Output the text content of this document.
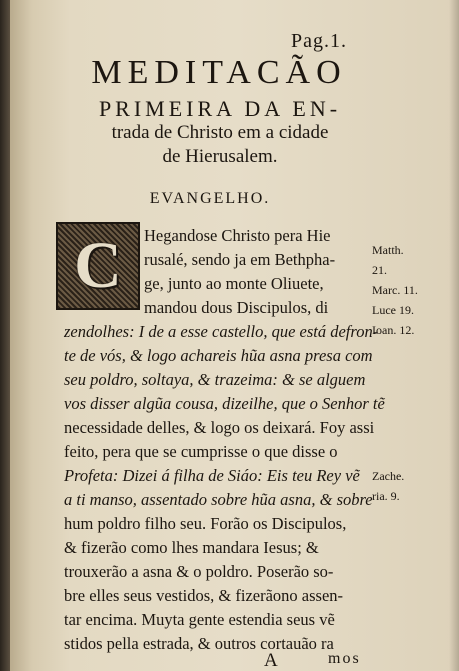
Pag.1.
MEDITACÃO
PRIMEIRA DA EN-
trada de Christo em a cidade
de Hierusalem.
EVANGELHO.
C Hegandose Christo pera Hie
rusalé, sendo ja em Bethpha-
ge, junto ao monte Oliuete,
mandou dous Discipulos, di
zendolhes: I de a esse castello, que está defron-
te de vós, & logo achareis hũa asna presa com
seu poldro, soltaya, & trazeima: & se alguem
vos disser algũa cousa, dizeilhe, que o Senhor tẽ
necessidade delles, & logo os deixará. Foy assi
feito, pera que se cumprisse o que disse o
Profeta: Dizei á filha de Siáo: Eis teu Rey vẽ
a ti manso, assentado sobre hũa asna, & sobre
hum poldro filho seu. Forão os Discipulos,
& fizerão como lhes mandara Iesus; &
trouxerão a asna & o poldro. Poserão so-
bre elles seus vestidos, & fizerãono assen-
tar encima. Muyta gente estendia seus vẽ
stidos pella estrada, & outros cortauão ra
Matth.
21.
Marc. 11.
Luce 19.
Ioan. 12.
Zache.
ria. 9.
A	mos
